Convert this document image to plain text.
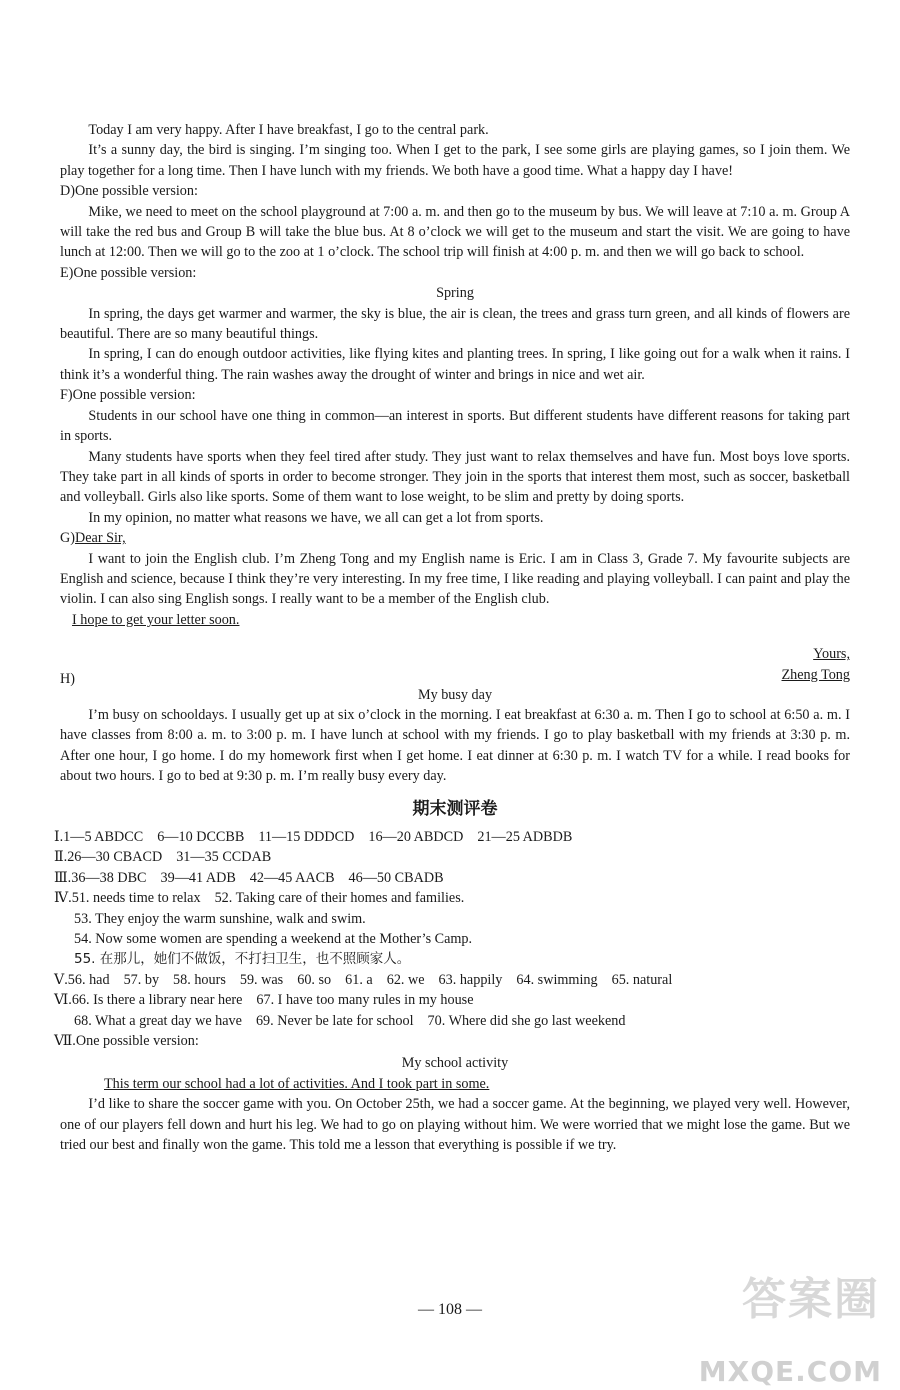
Today I am very happy. After I have breakfast, I go to the central park.

It’s a sunny day, the bird is singing. I’m singing too. When I get to the park, I see some girls are playing games, so I join them. We play together for a long time. Then I have lunch with my friends. We both have a good time. What a happy day I have!

D)One possible version:

Mike, we need to meet on the school playground at 7:00 a. m. and then go to the museum by bus. We will leave at 7:10 a. m. Group A will take the red bus and Group B will take the blue bus. At 8 o’clock we will get to the museum and start the visit. We are going to have lunch at 12:00. Then we will go to the zoo at 1 o’clock. The school trip will finish at 4:00 p. m. and then we will go back to school.

E)One possible version:

Spring

In spring, the days get warmer and warmer, the sky is blue, the air is clean, the trees and grass turn green, and all kinds of flowers are beautiful. There are so many beautiful things.

In spring, I can do enough outdoor activities, like flying kites and planting trees. In spring, I like going out for a walk when it rains. I think it’s a wonderful thing. The rain washes away the drought of winter and brings in nice and wet air.

F)One possible version:

Students in our school have one thing in common—an interest in sports. But different students have different reasons for taking part in sports.

Many students have sports when they feel tired after study. They just want to relax themselves and have fun. Most boys love sports. They take part in all kinds of sports in order to become stronger. They join in the sports that interest them most, such as soccer, basketball and volleyball. Girls also like sports. Some of them want to lose weight, to be slim and pretty by doing sports.

In my opinion, no matter what reasons we have, we all can get a lot from sports.

G)Dear Sir,

I want to join the English club. I’m Zheng Tong and my English name is Eric. I am in Class 3, Grade 7. My favourite subjects are English and science, because I think they’re very interesting. In my free time, I like reading and playing volleyball. I can paint and play the violin. I can also sing English songs. I really want to be a member of the English club.

I hope to get your letter soon.

Yours,

H)	Zheng Tong

My busy day

I’m busy on schooldays. I usually get up at six o’clock in the morning. I eat breakfast at 6:30 a. m. Then I go to school at 6:50 a. m. I have classes from 8:00 a. m. to 3:00 p. m. I have lunch at school with my friends. I go to play basketball with my friends at 3:30 p. m. After one hour, I go home. I do my homework first when I get home. I eat dinner at 6:30 p. m. I watch TV for a while. I read books for about two hours. I go to bed at 9:30 p. m. I’m really busy every day.

期末测评卷

Ⅰ.1—5 ABDCC 6—10 DCCBB 11—15 DDDCD 16—20 ABDCD 21—25 ADBDB

Ⅱ.26—30 CBACD 31—35 CCDAB

Ⅲ.36—38 DBC 39—41 ADB 42—45 AACB 46—50 CBADB

Ⅳ.51. needs time to relax 52. Taking care of their homes and families.

53. They enjoy the warm sunshine, walk and swim.

54. Now some women are spending a weekend at the Mother’s Camp.

55. 在那儿，她们不做饭，不打扫卫生，也不照顾家人。

Ⅴ.56. had 57. by 58. hours 59. was 60. so 61. a 62. we 63. happily 64. swimming 65. natural

Ⅵ.66. Is there a library near here 67. I have too many rules in my house

68. What a great day we have 69. Never be late for school 70. Where did she go last weekend

Ⅶ.One possible version:

My school activity

This term our school had a lot of activities. And I took part in some.

I’d like to share the soccer game with you. On October 25th, we had a soccer game. At the beginning, we played very well. However, one of our players fell down and hurt his leg. We had to go on playing without him. We were worried that we might lose the game. But we tried our best and finally won the game. This told me a lesson that everything is possible if we try.

— 108 —	答案圈
MXQE.COM
